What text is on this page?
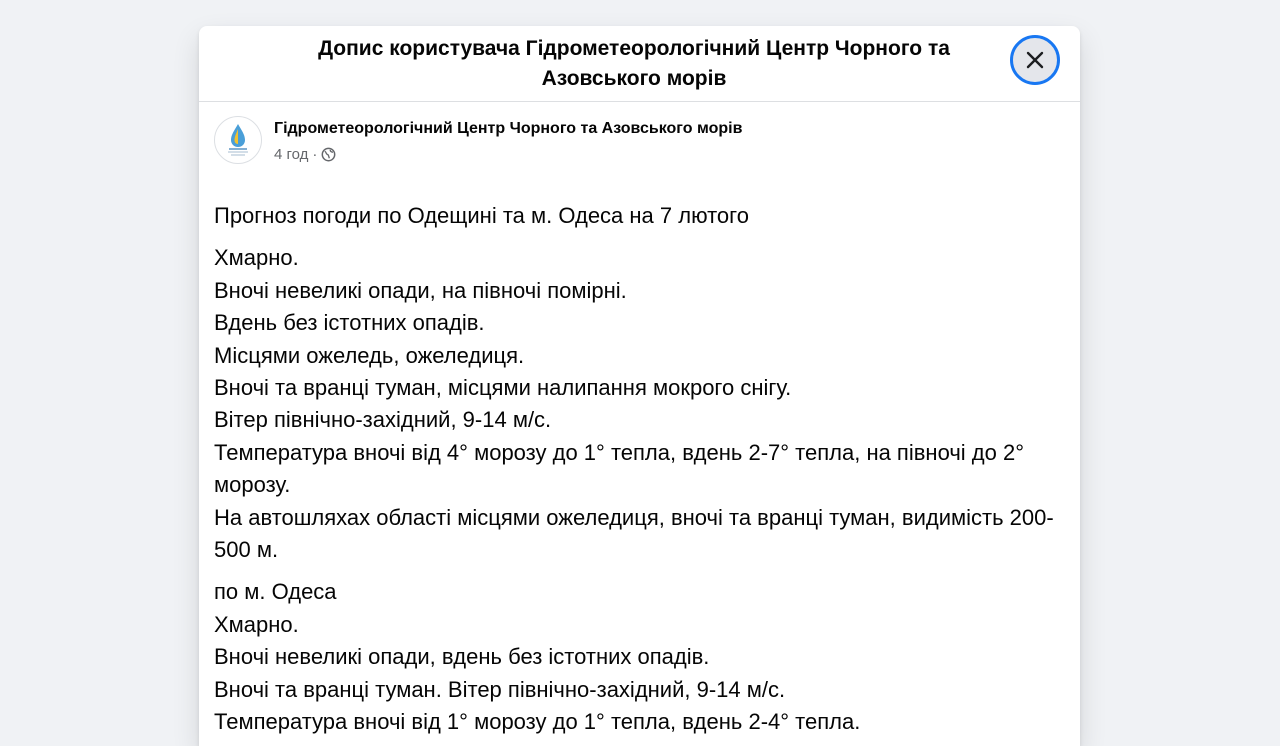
Допис користувача Гідрометеорологічний Центр Чорного та Азовського морів
Гідрометеорологічний Центр Чорного та Азовського морів
4 год ·
Прогноз погоди по Одещині та м. Одеса на 7 лютого
Хмарно.
Вночі невеликі опади, на півночі помірні.
Вдень без істотних опадів.
Місцями ожеледь, ожеледиця.
Вночі та вранці туман, місцями налипання мокрого снігу.
Вітер північно-західний, 9-14 м/с.
Температура вночі від 4° морозу до 1° тепла, вдень 2-7° тепла, на півночі до 2° морозу.
На автошляхах області місцями ожеледиця, вночі та вранці туман, видимість 200-500 м.
по м. Одеса
Хмарно.
Вночі невеликі опади, вдень без істотних опадів.
Вночі та вранці туман. Вітер північно-західний, 9-14 м/с.
Температура вночі від 1° морозу до 1° тепла, вдень 2-4° тепла.
